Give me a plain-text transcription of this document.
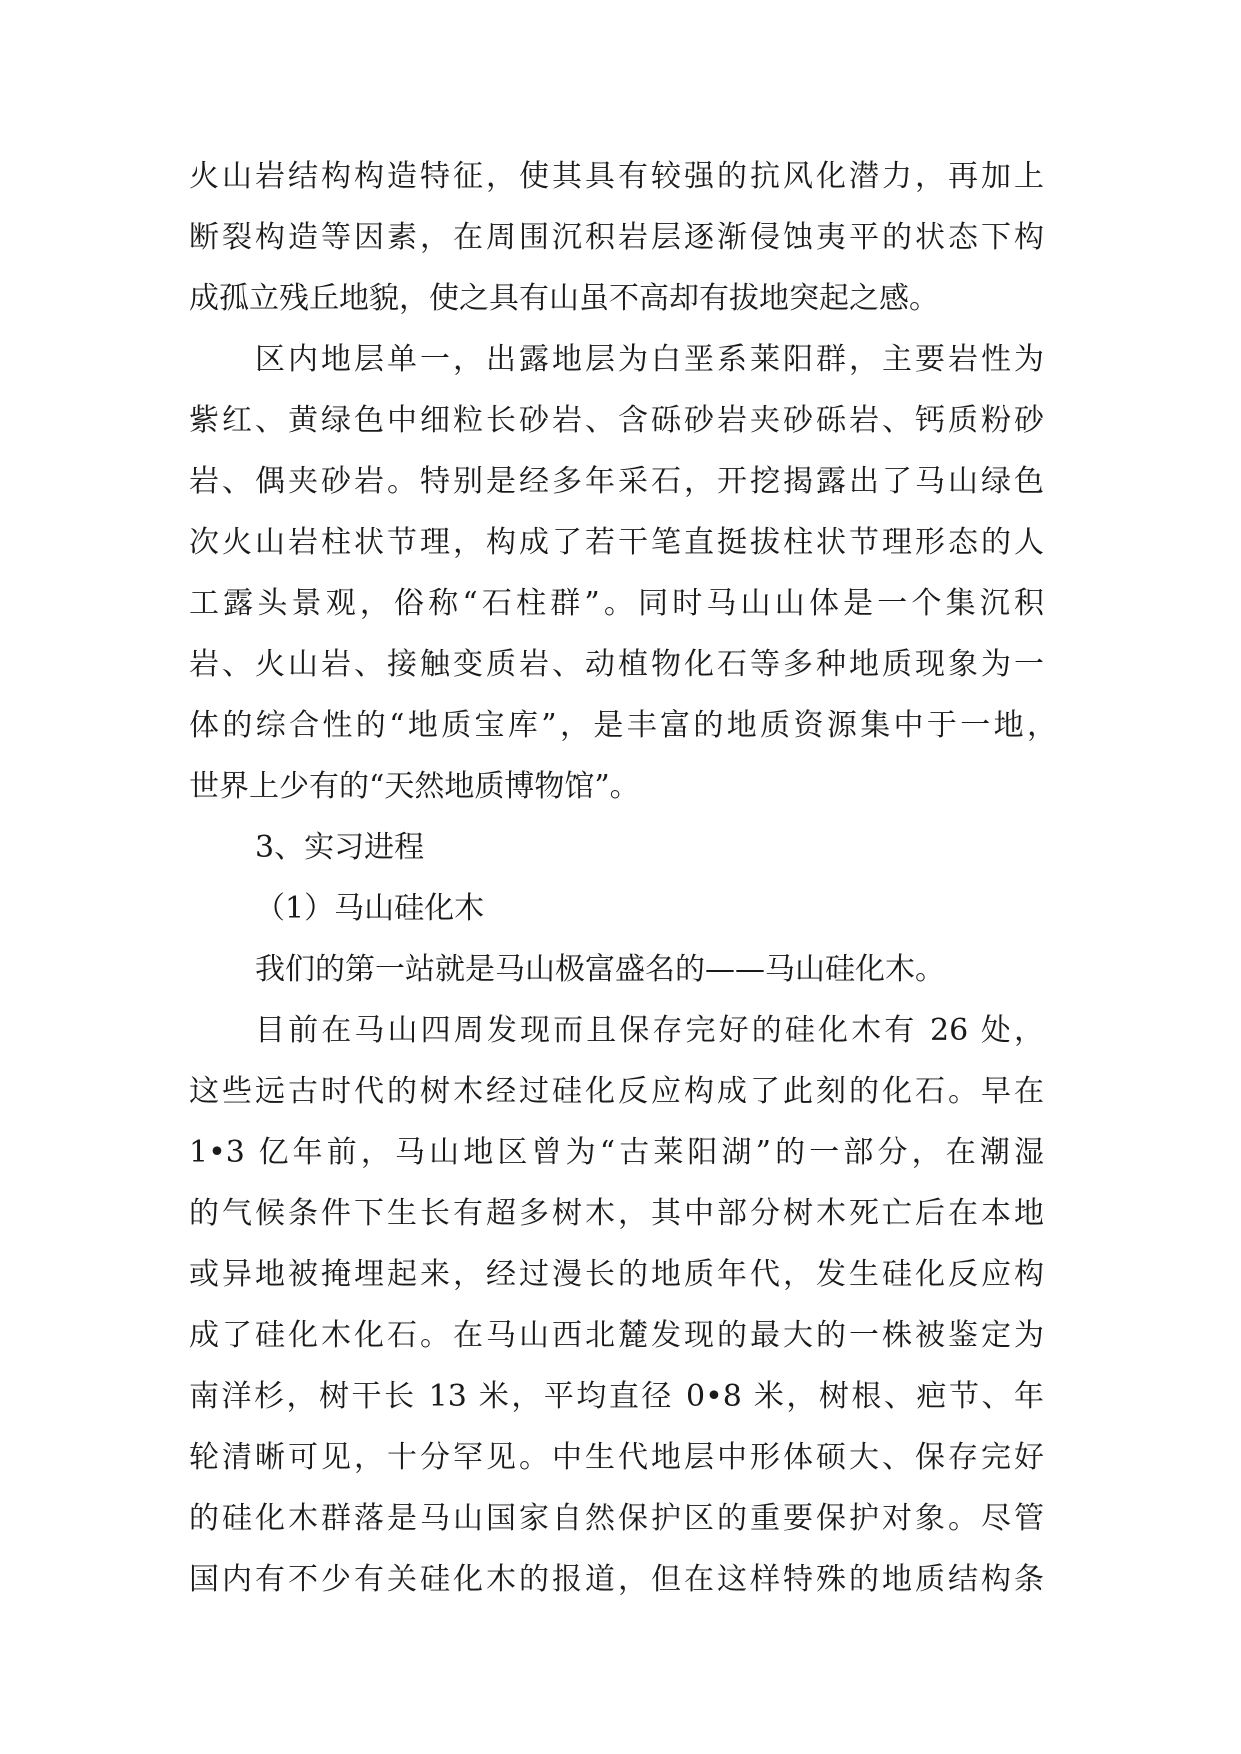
火山岩结构构造特征，使其具有较强的抗风化潜力，再加上
断裂构造等因素，在周围沉积岩层逐渐侵蚀夷平的状态下构
成孤立残丘地貌，使之具有山虽不高却有拔地突起之感。
区内地层单一，出露地层为白垩系莱阳群，主要岩性为
紫红、黄绿色中细粒长砂岩、含砾砂岩夹砂砾岩、钙质粉砂
岩、偶夹砂岩。特别是经多年采石，开挖揭露出了马山绿色
次火山岩柱状节理，构成了若干笔直挺拔柱状节理形态的人
工露头景观，俗称“石柱群”。同时马山山体是一个集沉积
岩、火山岩、接触变质岩、动植物化石等多种地质现象为一
体的综合性的“地质宝库”，是丰富的地质资源集中于一地，
世界上少有的“天然地质博物馆”。
3、实习进程
（1）马山硅化木
我们的第一站就是马山极富盛名的——马山硅化木。
目前在马山四周发现而且保存完好的硅化木有 26 处，
这些远古时代的树木经过硅化反应构成了此刻的化石。早在
1•3 亿年前，马山地区曾为“古莱阳湖”的一部分，在潮湿
的气候条件下生长有超多树木，其中部分树木死亡后在本地
或异地被掩埋起来，经过漫长的地质年代，发生硅化反应构
成了硅化木化石。在马山西北麓发现的最大的一株被鉴定为
南洋杉，树干长 13 米，平均直径 0•8 米，树根、疤节、年
轮清晰可见，十分罕见。中生代地层中形体硕大、保存完好
的硅化木群落是马山国家自然保护区的重要保护对象。尽管
国内有不少有关硅化木的报道，但在这样特殊的地质结构条
